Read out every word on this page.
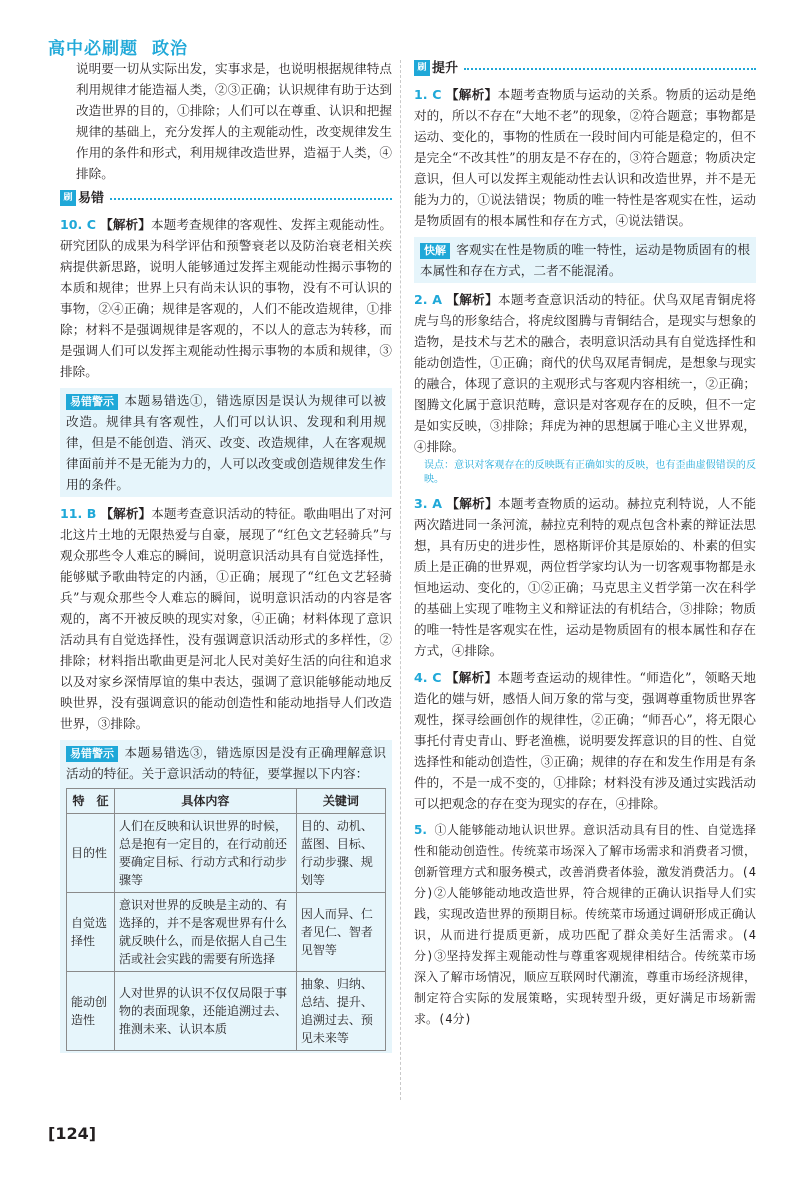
高中必刷题 政治

说明要一切从实际出发，实事求是，也说明根据规律特点利用规律才能造福人类，②③正确；认识规律有助于达到改造世界的目的，①排除；人们可以在尊重、认识和把握规律的基础上，充分发挥人的主观能动性，改变规律发生作用的条件和形式，利用规律改造世界，造福于人类，④排除。

刷 易错

10. C 【解析】本题考查规律的客观性、发挥主观能动性。研究团队的成果为科学评估和预警衰老以及防治衰老相关疾病提供新思路，说明人能够通过发挥主观能动性揭示事物的本质和规律；世界上只有尚未认识的事物，没有不可认识的事物，②④正确；规律是客观的，人们不能改造规律，①排除；材料不是强调规律是客观的，不以人的意志为转移，而是强调人们可以发挥主观能动性揭示事物的本质和规律，③排除。

易错警示 本题易错选①，错选原因是误认为规律可以被改造。规律具有客观性，人们可以认识、发现和利用规律，但是不能创造、消灭、改变、改造规律，人在客观规律面前并不是无能为力的，人可以改变或创造规律发生作用的条件。

11. B 【解析】本题考查意识活动的特征。歌曲唱出了对河北这片土地的无限热爱与自豪，展现了“红色文艺轻骑兵”与观众那些令人难忘的瞬间，说明意识活动具有自觉选择性，能够赋予歌曲特定的内涵，①正确；展现了“红色文艺轻骑兵”与观众那些令人难忘的瞬间，说明意识活动的内容是客观的，离不开被反映的现实对象，④正确；材料体现了意识活动具有自觉选择性，没有强调意识活动形式的多样性，②排除；材料指出歌曲更是河北人民对美好生活的向往和追求以及对家乡深情厚谊的集中表达，强调了意识能够能动地反映世界，没有强调意识的能动创造性和能动地指导人们改造世界，③排除。

易错警示 本题易错选③，错选原因是没有正确理解意识活动的特征。关于意识活动的特征，要掌握以下内容：
特　征	具体内容	关键词
目的性	人们在反映和认识世界的时候，总是抱有一定目的，在行动前还要确定目标、行动方式和行动步骤等	目的、动机、蓝图、目标、行动步骤、规划等
自觉选择性	意识对世界的反映是主动的、有选择的，并不是客观世界有什么就反映什么，而是依据人自己生活或社会实践的需要有所选择	因人而异、仁者见仁、智者见智等
能动创造性	人对世界的认识不仅仅局限于事物的表面现象，还能追溯过去、推测未来、认识本质	抽象、归纳、总结、提升、追溯过去、预见未来等
刷 提升

1. C 【解析】本题考查物质与运动的关系。物质的运动是绝对的，所以不存在“大地不老”的现象，②符合题意；事物都是运动、变化的，事物的性质在一段时间内可能是稳定的，但不是完全“不改其性”的朋友是不存在的，③符合题意；物质决定意识，但人可以发挥主观能动性去认识和改造世界，并不是无能为力的，①说法错误；物质的唯一特性是客观实在性，运动是物质固有的根本属性和存在方式，④说法错误。

快解 客观实在性是物质的唯一特性，运动是物质固有的根本属性和存在方式，二者不能混淆。

2. A 【解析】本题考查意识活动的特征。伏鸟双尾青铜虎将虎与鸟的形象结合，将虎纹图腾与青铜结合，是现实与想象的造物，是技术与艺术的融合，表明意识活动具有自觉选择性和能动创造性，①正确；商代的伏鸟双尾青铜虎，是想象与现实的融合，体现了意识的主观形式与客观内容相统一，②正确；图腾文化属于意识范畴，意识是对客观存在的反映，但不一定是如实反映，③排除；拜虎为神的思想属于唯心主义世界观，④排除。

误点：意识对客观存在的反映既有正确如实的反映，也有歪曲虚假错误的反映。

3. A 【解析】本题考查物质的运动。赫拉克利特说，人不能两次踏进同一条河流，赫拉克利特的观点包含朴素的辩证法思想，具有历史的进步性，恩格斯评价其是原始的、朴素的但实质上是正确的世界观，两位哲学家均认为一切客观事物都是永恒地运动、变化的，①②正确；马克思主义哲学第一次在科学的基础上实现了唯物主义和辩证法的有机结合，③排除；物质的唯一特性是客观实在性，运动是物质固有的根本属性和存在方式，④排除。

4. C 【解析】本题考查运动的规律性。“师造化”，领略天地造化的媸与妍，感悟人间万象的常与变，强调尊重物质世界客观性，探寻绘画创作的规律性，②正确；“师吾心”，将无限心事托付青史青山、野老渔樵，说明要发挥意识的目的性、自觉选择性和能动创造性，③正确；规律的存在和发生作用是有条件的，不是一成不变的，①排除；材料没有涉及通过实践活动可以把观念的存在变为现实的存在，④排除。

5. ①人能够能动地认识世界。意识活动具有目的性、自觉选择性和能动创造性。传统菜市场深入了解市场需求和消费者习惯，创新管理方式和服务模式，改善消费者体验，激发消费活力。(4分)②人能够能动地改造世界，符合规律的正确认识指导人们实践，实现改造世界的预期目标。传统菜市场通过调研形成正确认识，从而进行提质更新，成功匹配了群众美好生活需求。(4分)③坚持发挥主观能动性与尊重客观规律相结合。传统菜市场深入了解市场情况，顺应互联网时代潮流，尊重市场经济规律，制定符合实际的发展策略，实现转型升级，更好满足市场新需求。(4分)

[124]
